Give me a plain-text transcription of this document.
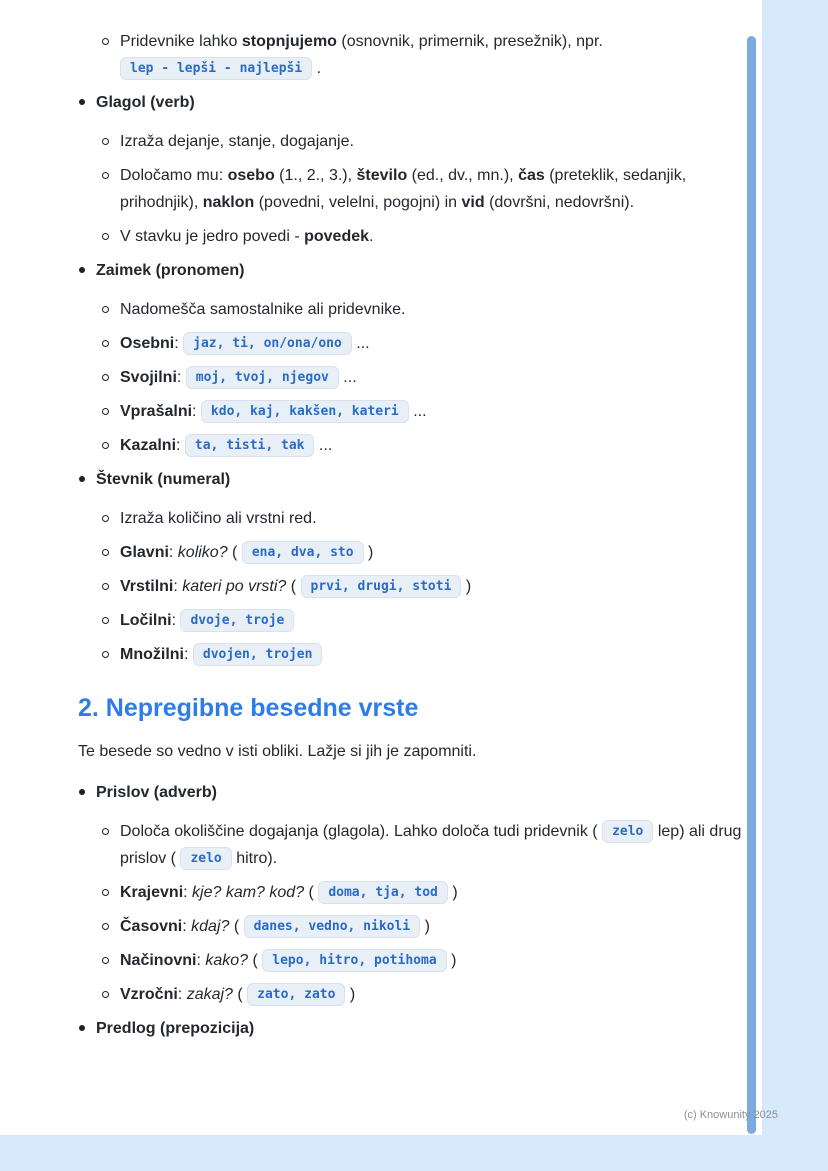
Pridevnike lahko stopnjujemo (osnovnik, primernik, presežnik), npr. lep - lepši - najlepši .
Glagol (verb)
Izraža dejanje, stanje, dogajanje.
Določamo mu: osebo (1., 2., 3.), število (ed., dv., mn.), čas (preteklik, sedanjik, prihodnjik), naklon (povedni, velelni, pogojni) in vid (dovršni, nedovršni).
V stavku je jedro povedi - povedek.
Zaimek (pronomen)
Nadomešča samostalnike ali pridevnike.
Osebni: jaz, ti, on/ona/ono ...
Svojilni: moj, tvoj, njegov ...
Vprašalni: kdo, kaj, kakšen, kateri ...
Kazalni: ta, tisti, tak ...
Števnik (numeral)
Izraža količino ali vrstni red.
Glavni: koliko? ( ena, dva, sto )
Vrstilni: kateri po vrsti? ( prvi, drugi, stoti )
Ločilni: dvoje, troje
Množilni: dvojen, trojen
2. Nepregibne besedne vrste

Te besede so vedno v isti obliki. Lažje si jih je zapomniti.

Prislov (adverb)
Določa okoliščine dogajanja (glagola). Lahko določa tudi pridevnik ( zelo lep) ali drug prislov ( zelo hitro).
Krajevni: kje? kam? kod? ( doma, tja, tod )
Časovni: kdaj? ( danes, vedno, nikoli )
Načinovni: kako? ( lepo, hitro, potihoma )
Vzročni: zakaj? ( zato, zato )
Predlog (prepozicija)
(c) Knowunity 2025
